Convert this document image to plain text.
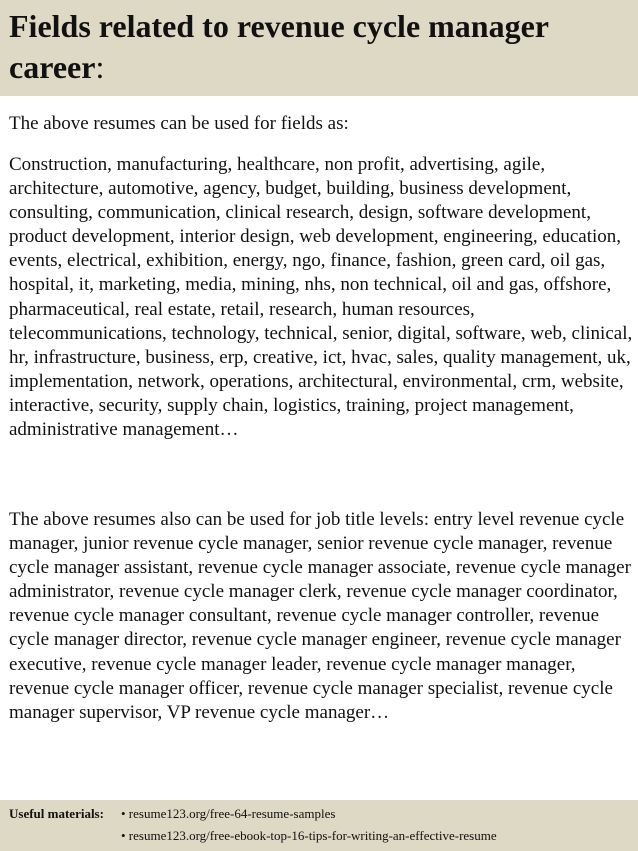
Fields related to revenue cycle manager career:

The above resumes can be used for fields as:

Construction, manufacturing, healthcare, non profit, advertising, agile, architecture, automotive, agency, budget, building, business development, consulting, communication, clinical research, design, software development, product development, interior design, web development, engineering, education, events, electrical, exhibition, energy, ngo, finance, fashion, green card, oil gas, hospital, it, marketing, media, mining, nhs, non technical, oil and gas, offshore, pharmaceutical, real estate, retail, research, human resources, telecommunications, technology, technical, senior, digital, software, web, clinical, hr, infrastructure, business, erp, creative, ict, hvac, sales, quality management, uk, implementation, network, operations, architectural, environmental, crm, website, interactive, security, supply chain, logistics, training, project management, administrative management…

The above resumes also can be used for job title levels: entry level revenue cycle manager, junior revenue cycle manager, senior revenue cycle manager, revenue cycle manager assistant, revenue cycle manager associate, revenue cycle manager administrator, revenue cycle manager clerk, revenue cycle manager coordinator, revenue cycle manager consultant, revenue cycle manager controller, revenue cycle manager director, revenue cycle manager engineer, revenue cycle manager executive, revenue cycle manager leader, revenue cycle manager manager, revenue cycle manager officer, revenue cycle manager specialist, revenue cycle manager supervisor, VP revenue cycle manager…

Useful materials: • resume123.org/free-64-resume-samples
• resume123.org/free-ebook-top-16-tips-for-writing-an-effective-resume
